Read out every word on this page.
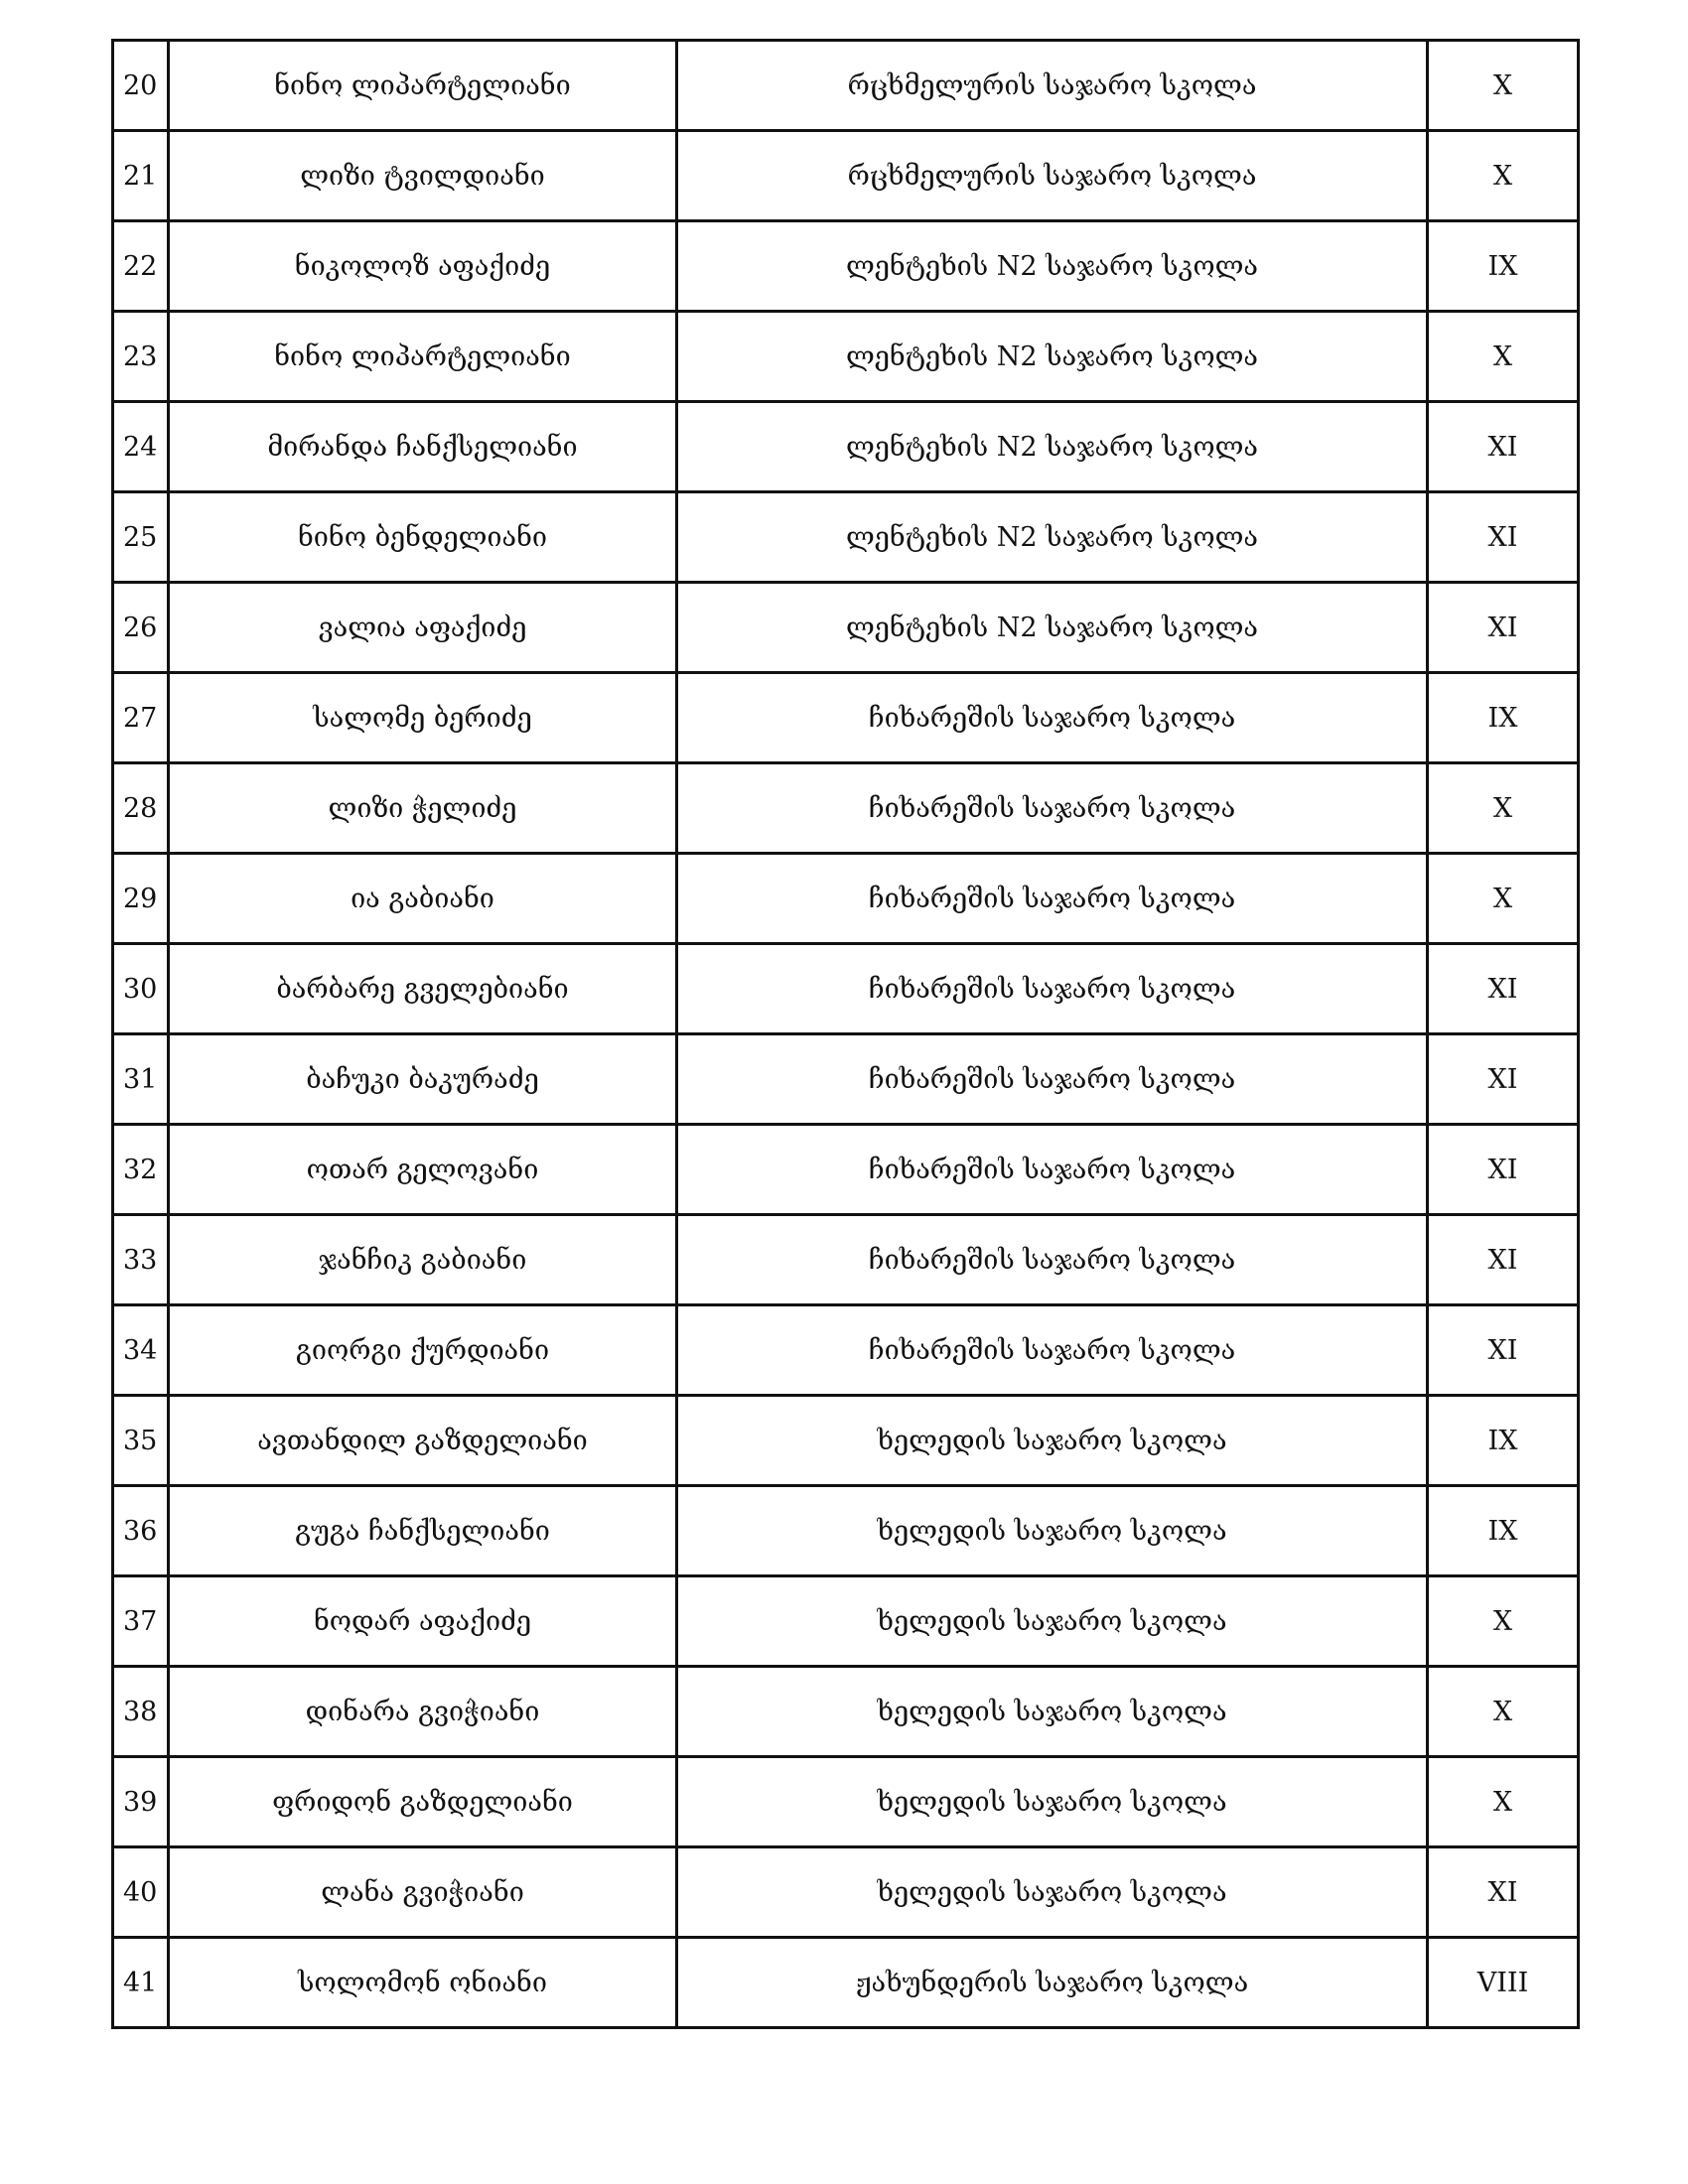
20	ნინო ლიპარტელიანი	რცხმელურის საჯარო სკოლა	X
21	ლიზი ტვილდიანი	რცხმელურის საჯარო სკოლა	X
22	ნიკოლოზ აფაქიძე	ლენტეხის N2 საჯარო სკოლა	IX
23	ნინო ლიპარტელიანი	ლენტეხის N2 საჯარო სკოლა	X
24	მირანდა ჩანქსელიანი	ლენტეხის N2 საჯარო სკოლა	XI
25	ნინო ბენდელიანი	ლენტეხის N2 საჯარო სკოლა	XI
26	ვალია აფაქიძე	ლენტეხის N2 საჯარო სკოლა	XI
27	სალომე ბერიძე	ჩიხარეშის საჯარო სკოლა	IX
28	ლიზი ჭელიძე	ჩიხარეშის საჯარო სკოლა	X
29	ია გაბიანი	ჩიხარეშის საჯარო სკოლა	X
30	ბარბარე გველებიანი	ჩიხარეშის საჯარო სკოლა	XI
31	ბაჩუკი ბაკურაძე	ჩიხარეშის საჯარო სკოლა	XI
32	ოთარ გელოვანი	ჩიხარეშის საჯარო სკოლა	XI
33	ჯანჩიკ გაბიანი	ჩიხარეშის საჯარო სკოლა	XI
34	გიორგი ქურდიანი	ჩიხარეშის საჯარო სკოლა	XI
35	ავთანდილ გაზდელიანი	ხელედის საჯარო სკოლა	IX
36	გუგა ჩანქსელიანი	ხელედის საჯარო სკოლა	IX
37	ნოდარ აფაქიძე	ხელედის საჯარო სკოლა	X
38	დინარა გვიჭიანი	ხელედის საჯარო სკოლა	X
39	ფრიდონ გაზდელიანი	ხელედის საჯარო სკოლა	X
40	ლანა გვიჭიანი	ხელედის საჯარო სკოლა	XI
41	სოლომონ ონიანი	ჟახუნდერის საჯარო სკოლა	VIII
